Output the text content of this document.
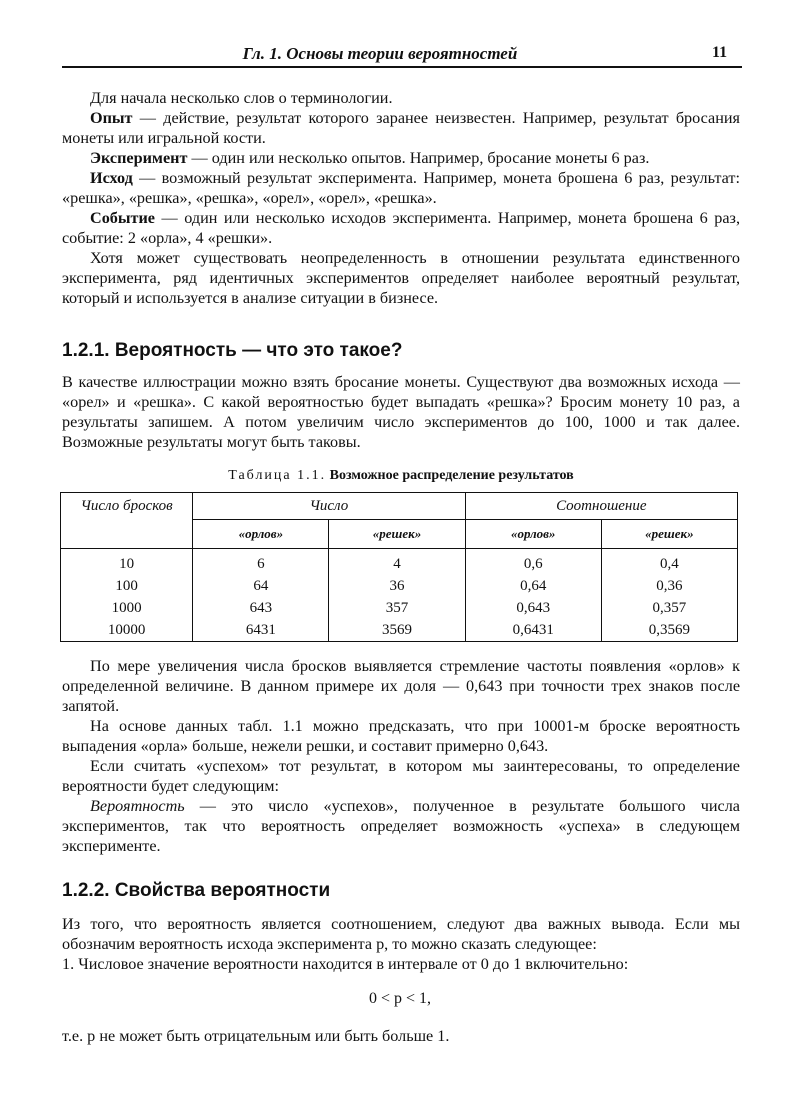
Гл. 1. Основы теории вероятностей	11
Для начала несколько слов о терминологии.
Опыт — действие, результат которого заранее неизвестен. Например, результат бросания монеты или игральной кости.
Эксперимент — один или несколько опытов. Например, бросание монеты 6 раз.
Исход — возможный результат эксперимента. Например, монета брошена 6 раз, результат: «решка», «решка», «решка», «орел», «орел», «решка».
Событие — один или несколько исходов эксперимента. Например, монета брошена 6 раз, событие: 2 «орла», 4 «решки».
Хотя может существовать неопределенность в отношении результата единственного эксперимента, ряд идентичных экспериментов определяет наиболее вероятный результат, который и используется в анализе ситуации в бизнесе.
1.2.1. Вероятность — что это такое?
В качестве иллюстрации можно взять бросание монеты. Существуют два возможных исхода — «орел» и «решка». С какой вероятностью будет выпадать «решка»? Бросим монету 10 раз, а результаты запишем. А потом увеличим число экспериментов до 100, 1000 и так далее. Возможные результаты могут быть таковы.
Таблица 1.1. Возможное распределение результатов
Число бросков	Число		Соотношение	
	«орлов»	«решек»	«орлов»	«решек»
10	6	4	0,6	0,4
100	64	36	0,64	0,36
1000	643	357	0,643	0,357
10000	6431	3569	0,6431	0,3569
По мере увеличения числа бросков выявляется стремление частоты появления «орлов» к определенной величине. В данном примере их доля — 0,643 при точности трех знаков после запятой.
На основе данных табл. 1.1 можно предсказать, что при 10001-м броске вероятность выпадения «орла» больше, нежели решки, и составит примерно 0,643.
Если считать «успехом» тот результат, в котором мы заинтересованы, то определение вероятности будет следующим:
Вероятность — это число «успехов», полученное в результате большого числа экспериментов, так что вероятность определяет возможность «успеха» в следующем эксперименте.
1.2.2. Свойства вероятности
Из того, что вероятность является соотношением, следуют два важных вывода. Если мы обозначим вероятность исхода эксперимента р, то можно сказать следующее:
1. Числовое значение вероятности находится в интервале от 0 до 1 включительно:
0 < р < 1,
т.е. р не может быть отрицательным или быть больше 1.
